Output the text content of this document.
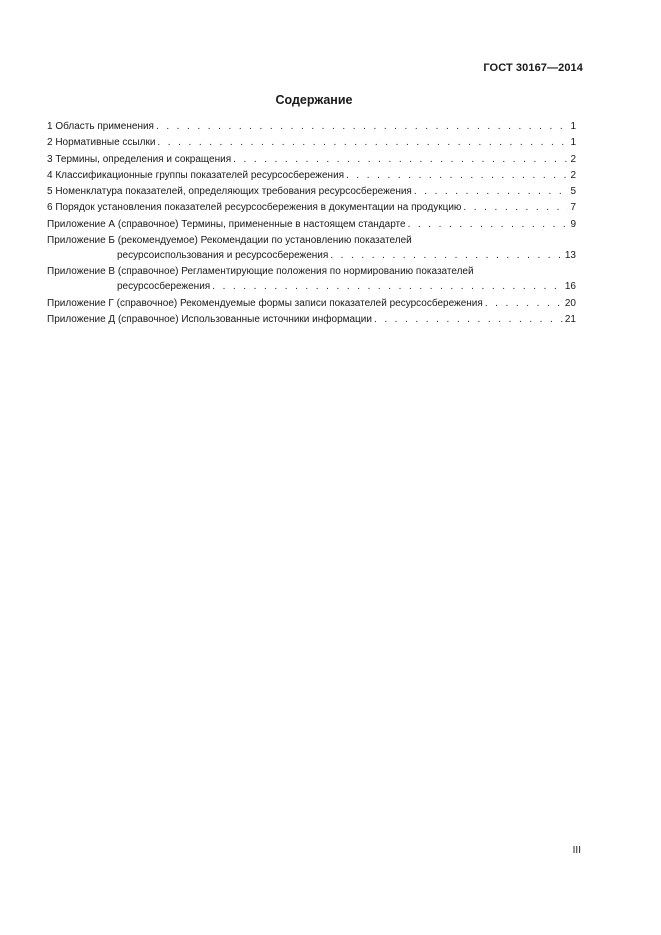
ГОСТ 30167—2014
Содержание
1 Область применения . . .	1
2 Нормативные ссылки . . .	1
3 Термины, определения и сокращения . . .	2
4 Классификационные группы показателей ресурсосбережения . . .	2
5 Номенклатура показателей, определяющих требования ресурсосбережения . . .	5
6 Порядок установления показателей ресурсосбережения в документации на продукцию . . .	7
Приложение А (справочное) Термины, примененные в настоящем стандарте . . .	9
Приложение Б (рекомендуемое) Рекомендации по установлению показателей
ресурсоиспользования и ресурсосбережения . . .	13
Приложение В (справочное) Регламентирующие положения по нормированию показателей
ресурсосбережения . . .	16
Приложение Г (справочное) Рекомендуемые формы записи показателей ресурсосбережения . . .	20
Приложение Д (справочное) Использованные источники информации . . .	21
III
